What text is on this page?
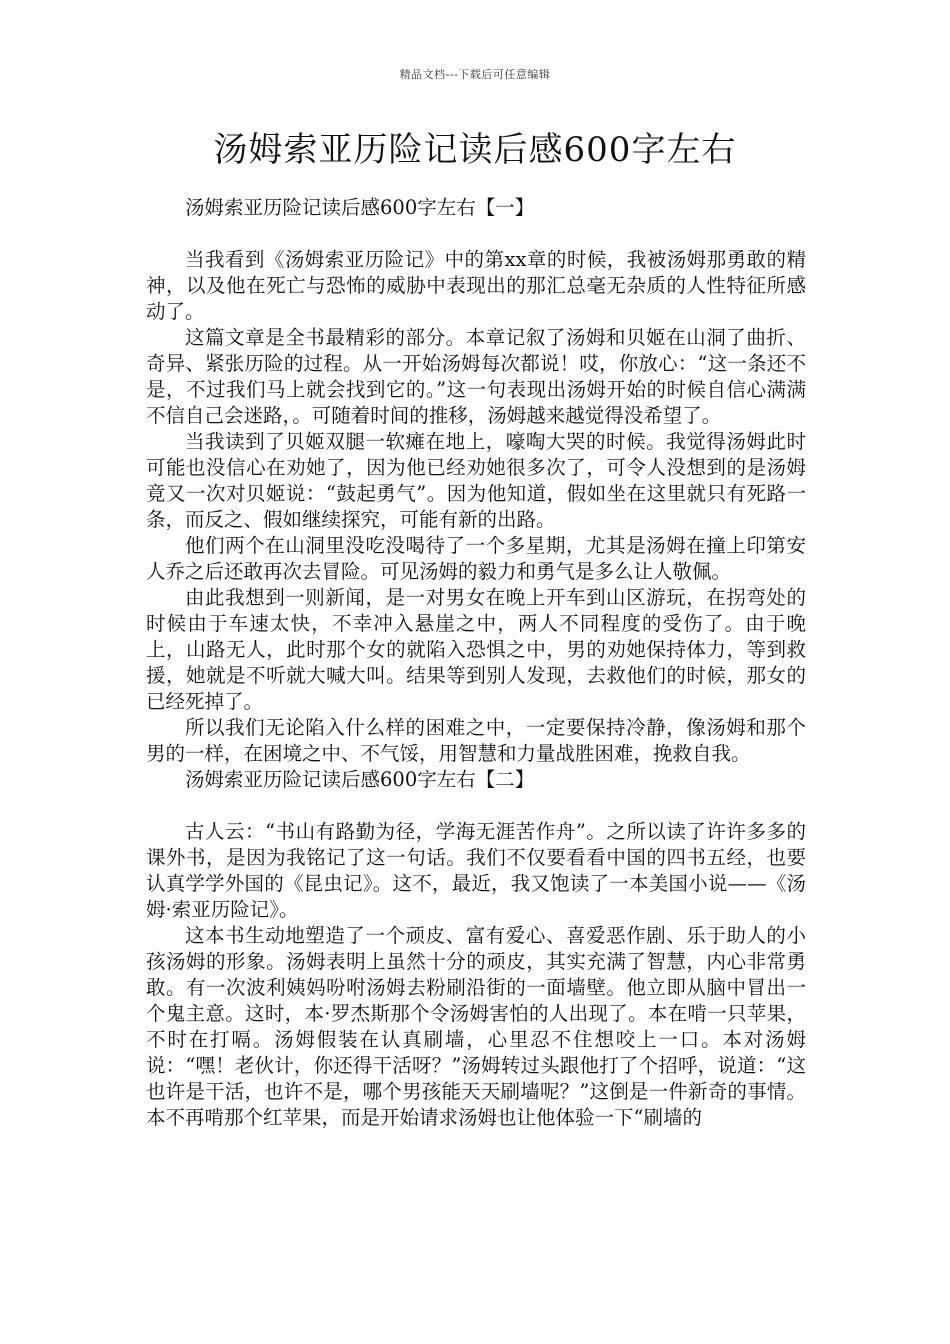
精品文档---下载后可任意编辑
汤姆索亚历险记读后感600字左右

汤姆索亚历险记读后感600字左右【一】

当我看到《汤姆索亚历险记》中的第xx章的时候，我被汤姆那勇敢的精神，以及他在死亡与恐怖的威胁中表现出的那汇总毫无杂质的人性特征所感动了。

这篇文章是全书最精彩的部分。本章记叙了汤姆和贝姬在山洞了曲折、奇异、紧张历险的过程。从一开始汤姆每次都说！哎，你放心：“这一条还不是，不过我们马上就会找到它的。”这一句表现出汤姆开始的时候自信心满满不信自己会迷路，。可随着时间的推移，汤姆越来越觉得没希望了。

当我读到了贝姬双腿一软瘫在地上，嚎啕大哭的时候。我觉得汤姆此时可能也没信心在劝她了，因为他已经劝她很多次了，可令人没想到的是汤姆竟又一次对贝姬说：“鼓起勇气”。因为他知道，假如坐在这里就只有死路一条，而反之、假如继续探究，可能有新的出路。

他们两个在山洞里没吃没喝待了一个多星期，尤其是汤姆在撞上印第安人乔之后还敢再次去冒险。可见汤姆的毅力和勇气是多么让人敬佩。

由此我想到一则新闻，是一对男女在晚上开车到山区游玩，在拐弯处的时候由于车速太快，不幸冲入悬崖之中，两人不同程度的受伤了。由于晚上，山路无人，此时那个女的就陷入恐惧之中，男的劝她保持体力，等到救援，她就是不听就大喊大叫。结果等到别人发现，去救他们的时候，那女的已经死掉了。

所以我们无论陷入什么样的困难之中，一定要保持冷静，像汤姆和那个男的一样，在困境之中、不气馁，用智慧和力量战胜困难，挽救自我。

汤姆索亚历险记读后感600字左右【二】

古人云：“书山有路勤为径，学海无涯苦作舟”。之所以读了许许多多的课外书，是因为我铭记了这一句话。我们不仅要看看中国的四书五经，也要认真学学外国的《昆虫记》。这不，最近，我又饱读了一本美国小说——《汤姆·索亚历险记》。

这本书生动地塑造了一个顽皮、富有爱心、喜爱恶作剧、乐于助人的小孩汤姆的形象。汤姆表明上虽然十分的顽皮，其实充满了智慧，内心非常勇敢。有一次波利姨妈吩咐汤姆去粉刷沿街的一面墙壁。他立即从脑中冒出一个鬼主意。这时，本·罗杰斯那个令汤姆害怕的人出现了。本在啃一只苹果，不时在打嗝。汤姆假装在认真刷墙，心里忍不住想咬上一口。本对汤姆说：“嘿！老伙计，你还得干活呀？”汤姆转过头跟他打了个招呼，说道：“这也许是干活，也许不是，哪个男孩能天天刷墙呢？”这倒是一件新奇的事情。本不再啃那个红苹果，而是开始请求汤姆也让他体验一下“刷墙的
